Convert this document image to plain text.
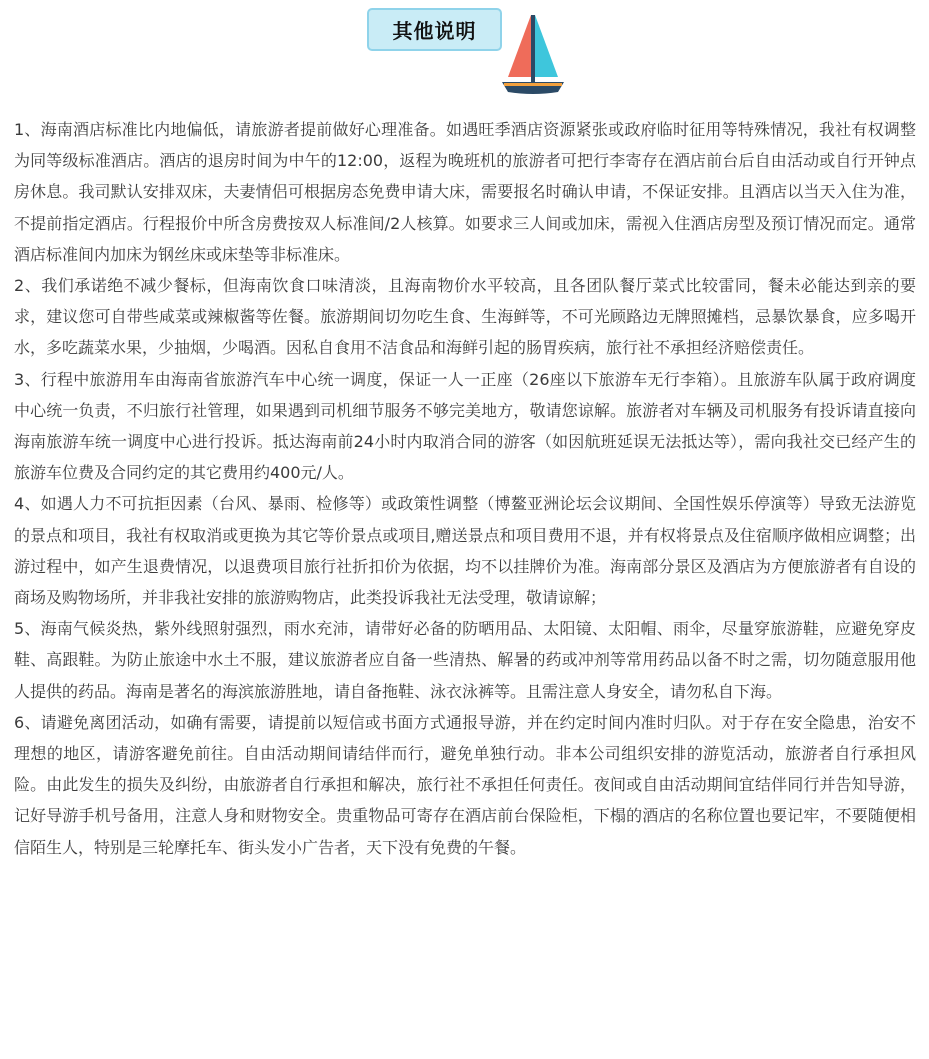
其他说明

1、海南酒店标准比内地偏低，请旅游者提前做好心理准备。如遇旺季酒店资源紧张或政府临时征用等特殊情况，我社有权调整为同等级标准酒店。酒店的退房时间为中午的12:00，返程为晚班机的旅游者可把行李寄存在酒店前台后自由活动或自行开钟点房休息。我司默认安排双床，夫妻情侣可根据房态免费申请大床，需要报名时确认申请，不保证安排。且酒店以当天入住为准，不提前指定酒店。行程报价中所含房费按双人标准间/2人核算。如要求三人间或加床，需视入住酒店房型及预订情况而定。通常酒店标准间内加床为钢丝床或床垫等非标准床。

2、我们承诺绝不减少餐标，但海南饮食口味清淡，且海南物价水平较高，且各团队餐厅菜式比较雷同，餐未必能达到亲的要求，建议您可自带些咸菜或辣椒酱等佐餐。旅游期间切勿吃生食、生海鲜等，不可光顾路边无牌照摊档，忌暴饮暴食，应多喝开水，多吃蔬菜水果，少抽烟，少喝酒。因私自食用不洁食品和海鲜引起的肠胃疾病，旅行社不承担经济赔偿责任。

3、行程中旅游用车由海南省旅游汽车中心统一调度，保证一人一正座（26座以下旅游车无行李箱）。且旅游车队属于政府调度中心统一负责，不归旅行社管理，如果遇到司机细节服务不够完美地方，敬请您谅解。旅游者对车辆及司机服务有投诉请直接向海南旅游车统一调度中心进行投诉。抵达海南前24小时内取消合同的游客（如因航班延误无法抵达等），需向我社交已经产生的旅游车位费及合同约定的其它费用约400元/人。

4、如遇人力不可抗拒因素（台风、暴雨、检修等）或政策性调整（博鳌亚洲论坛会议期间、全国性娱乐停演等）导致无法游览的景点和项目，我社有权取消或更换为其它等价景点或项目,赠送景点和项目费用不退，并有权将景点及住宿顺序做相应调整；出游过程中，如产生退费情况，以退费项目旅行社折扣价为依据，均不以挂牌价为准。海南部分景区及酒店为方便旅游者有自设的商场及购物场所，并非我社安排的旅游购物店，此类投诉我社无法受理，敬请谅解；

5、海南气候炎热，紫外线照射强烈，雨水充沛，请带好必备的防晒用品、太阳镜、太阳帽、雨伞，尽量穿旅游鞋，应避免穿皮鞋、高跟鞋。为防止旅途中水土不服，建议旅游者应自备一些清热、解暑的药或冲剂等常用药品以备不时之需，切勿随意服用他人提供的药品。海南是著名的海滨旅游胜地，请自备拖鞋、泳衣泳裤等。且需注意人身安全，请勿私自下海。

6、请避免离团活动，如确有需要，请提前以短信或书面方式通报导游，并在约定时间内准时归队。对于存在安全隐患，治安不理想的地区，请游客避免前往。自由活动期间请结伴而行，避免单独行动。非本公司组织安排的游览活动，旅游者自行承担风险。由此发生的损失及纠纷，由旅游者自行承担和解决，旅行社不承担任何责任。夜间或自由活动期间宜结伴同行并告知导游，记好导游手机号备用，注意人身和财物安全。贵重物品可寄存在酒店前台保险柜，下榻的酒店的名称位置也要记牢，不要随便相信陌生人，特别是三轮摩托车、街头发小广告者，天下没有免费的午餐。
